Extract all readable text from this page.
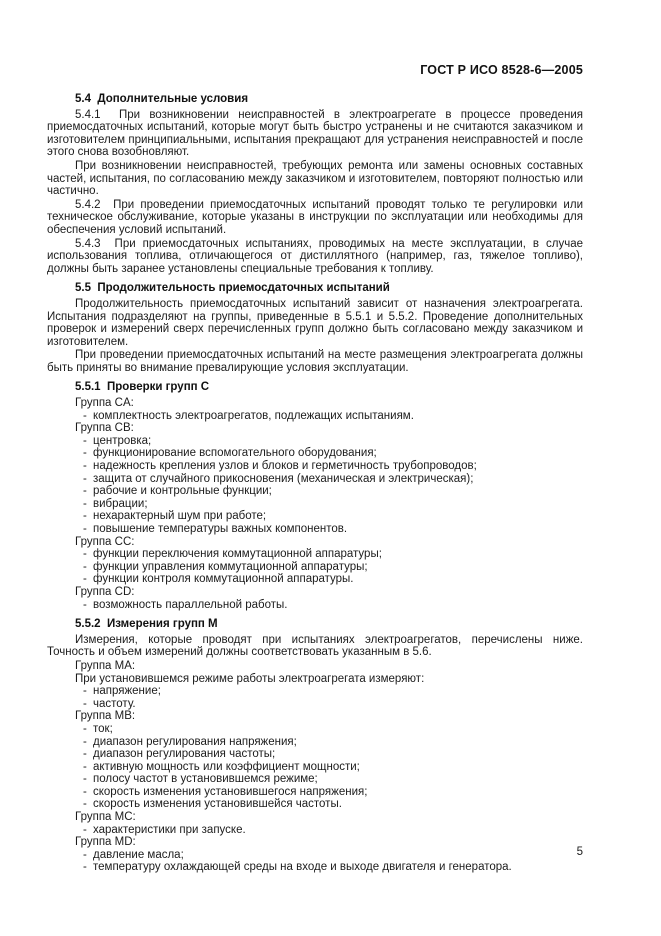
ГОСТ Р ИСО 8528-6—2005

5.4  Дополнительные условия

5.4.1  При возникновении неисправностей в электроагрегате в процессе проведения приемосдаточных испытаний, которые могут быть быстро устранены и не считаются заказчиком и изготовителем принципиальными, испытания прекращают для устранения неисправностей и после этого снова возобновляют.

При возникновении неисправностей, требующих ремонта или замены основных составных частей, испытания, по согласованию между заказчиком и изготовителем, повторяют полностью или частично.

5.4.2  При проведении приемосдаточных испытаний проводят только те регулировки или техническое обслуживание, которые указаны в инструкции по эксплуатации или необходимы для обеспечения условий испытаний.

5.4.3  При приемосдаточных испытаниях, проводимых на месте эксплуатации, в случае использования топлива, отличающегося от дистиллятного (например, газ, тяжелое топливо), должны быть заранее установлены специальные требования к топливу.

5.5  Продолжительность приемосдаточных испытаний

Продолжительность приемосдаточных испытаний зависит от назначения электроагрегата. Испытания подразделяют на группы, приведенные в 5.5.1 и 5.5.2. Проведение дополнительных проверок и измерений сверх перечисленных групп должно быть согласовано между заказчиком и изготовителем.

При проведении приемосдаточных испытаний на месте размещения электроагрегата должны быть приняты во внимание превалирующие условия эксплуатации.

5.5.1  Проверки групп C

Группа CA:

- комплектность электроагрегатов, подлежащих испытаниям.

Группа CB:

- центровка;

- функционирование вспомогательного оборудования;

- надежность крепления узлов и блоков и герметичность трубопроводов;

- защита от случайного прикосновения (механическая и электрическая);

- рабочие и контрольные функции;

- вибрации;

- нехарактерный шум при работе;

- повышение температуры важных компонентов.

Группа CC:

- функции переключения коммутационной аппаратуры;

- функции управления коммутационной аппаратуры;

- функции контроля коммутационной аппаратуры.

Группа CD:

- возможность параллельной работы.

5.5.2  Измерения групп M

Измерения, которые проводят при испытаниях электроагрегатов, перечислены ниже. Точность и объем измерений должны соответствовать указанным в 5.6.

Группа MA:

При установившемся режиме работы электроагрегата измеряют:

- напряжение;

- частоту.

Группа MB:

- ток;

- диапазон регулирования напряжения;

- диапазон регулирования частоты;

- активную мощность или коэффициент мощности;

- полосу частот в установившемся режиме;

- скорость изменения установившегося напряжения;

- скорость изменения установившейся частоты.

Группа MC:

- характеристики при запуске.

Группа MD:

- давление масла;

- температуру охлаждающей среды на входе и выходе двигателя и генератора.

5
